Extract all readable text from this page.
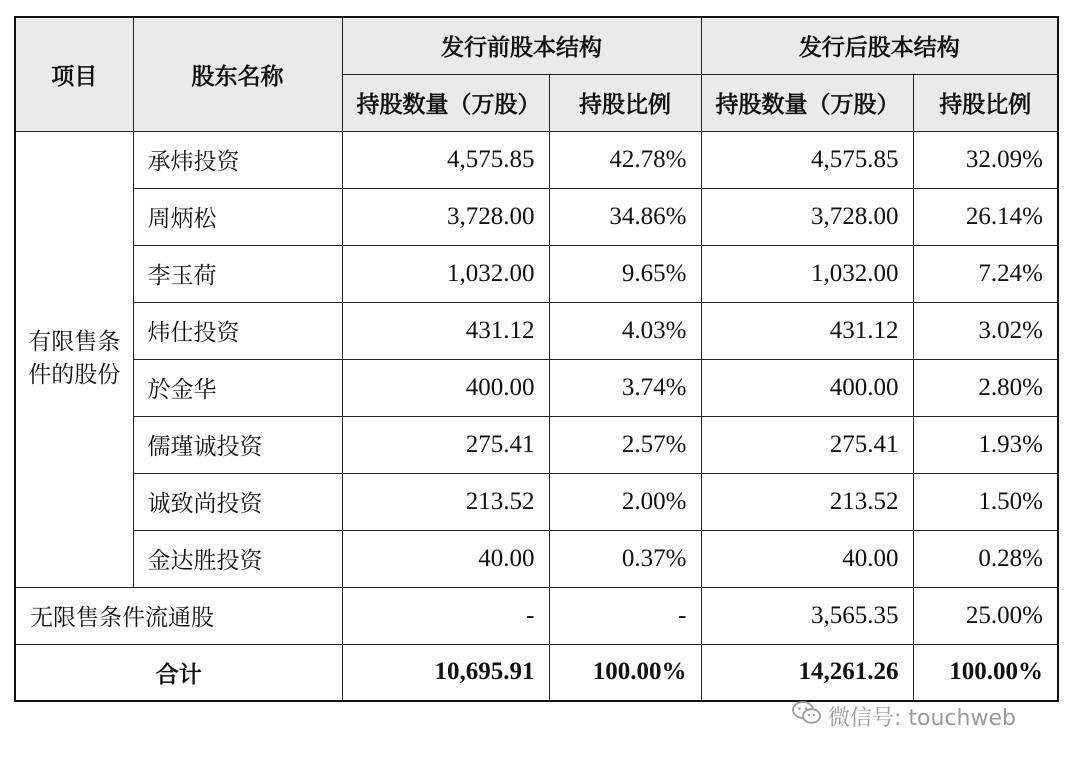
项目	股东名称	发行前股本结构		发行后股本结构	
		持股数量（万股）	持股比例	持股数量（万股）	持股比例
有限售条件的股份	承炜投资	4,575.85	42.78%	4,575.85	32.09%
	周炳松	3,728.00	34.86%	3,728.00	26.14%
	李玉荷	1,032.00	9.65%	1,032.00	7.24%
	炜仕投资	431.12	4.03%	431.12	3.02%
	於金华	400.00	3.74%	400.00	2.80%
	儒瑾诚投资	275.41	2.57%	275.41	1.93%
	诚致尚投资	213.52	2.00%	213.52	1.50%
	金达胜投资	40.00	0.37%	40.00	0.28%
无限售条件流通股		-	-	3,565.35	25.00%
合计		10,695.91	100.00%	14,261.26	100.00%
微信号: touchweb
